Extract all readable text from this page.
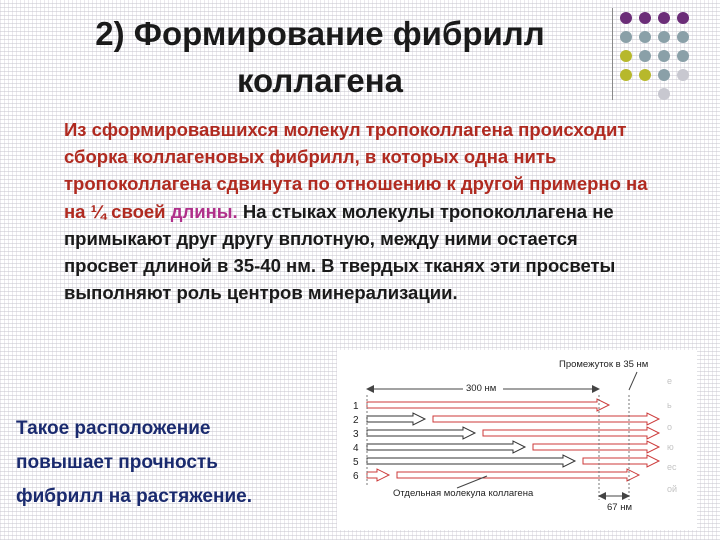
2) Формирование фибрилл коллагена

Из сформировавшихся молекул тропоколлагена происходит сборка коллагеновых фибрилл, в которых одна нить тропоколлагена сдвинута по отношению к другой примерно на на ¼ своей длины. На стыках молекулы тропоколлагена не примыкают друг другу вплотную, между ними остается просвет длиной в 35-40 нм. В твердых тканях эти просветы выполняют роль центров минерализации.

Такое расположение
повышает прочность
фибрилл на растяжение.
е
ь
о
ю
ес
ой
Промежуток в 35 нм
300 нм
1
2
3
4
5
6
67 нм
Отдельная молекула коллагена
